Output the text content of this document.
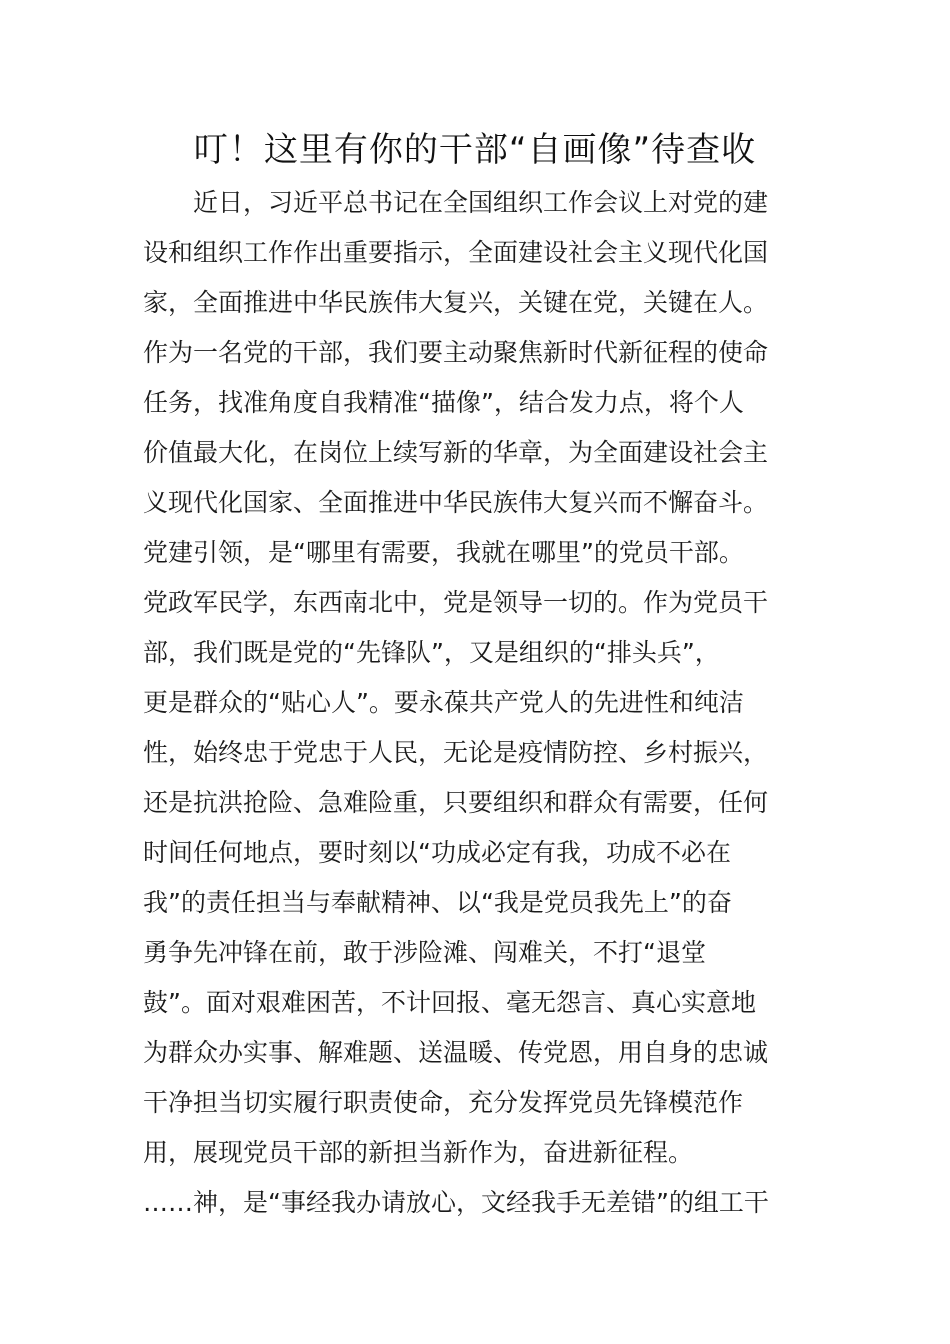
叮！这里有你的干部“自画像”待查收
　　近日，习近平总书记在全国组织工作会议上对党的建
设和组织工作作出重要指示，全面建设社会主义现代化国
家，全面推进中华民族伟大复兴，关键在党，关键在人。
作为一名党的干部，我们要主动聚焦新时代新征程的使命
任务，找准角度自我精准“描像”，结合发力点，将个人
价值最大化，在岗位上续写新的华章，为全面建设社会主
义现代化国家、全面推进中华民族伟大复兴而不懈奋斗。
党建引领，是“哪里有需要，我就在哪里”的党员干部。
党政军民学，东西南北中，党是领导一切的。作为党员干
部，我们既是党的“先锋队”，又是组织的“排头兵”，
更是群众的“贴心人”。要永葆共产党人的先进性和纯洁
性，始终忠于党忠于人民，无论是疫情防控、乡村振兴，
还是抗洪抢险、急难险重，只要组织和群众有需要，任何
时间任何地点，要时刻以“功成必定有我，功成不必在
我”的责任担当与奉献精神、以“我是党员我先上”的奋
勇争先冲锋在前，敢于涉险滩、闯难关，不打“退堂
鼓”。面对艰难困苦，不计回报、毫无怨言、真心实意地
为群众办实事、解难题、送温暖、传党恩，用自身的忠诚
干净担当切实履行职责使命，充分发挥党员先锋模范作
用，展现党员干部的新担当新作为，奋进新征程。
……神，是“事经我办请放心，文经我手无差错”的组工干
